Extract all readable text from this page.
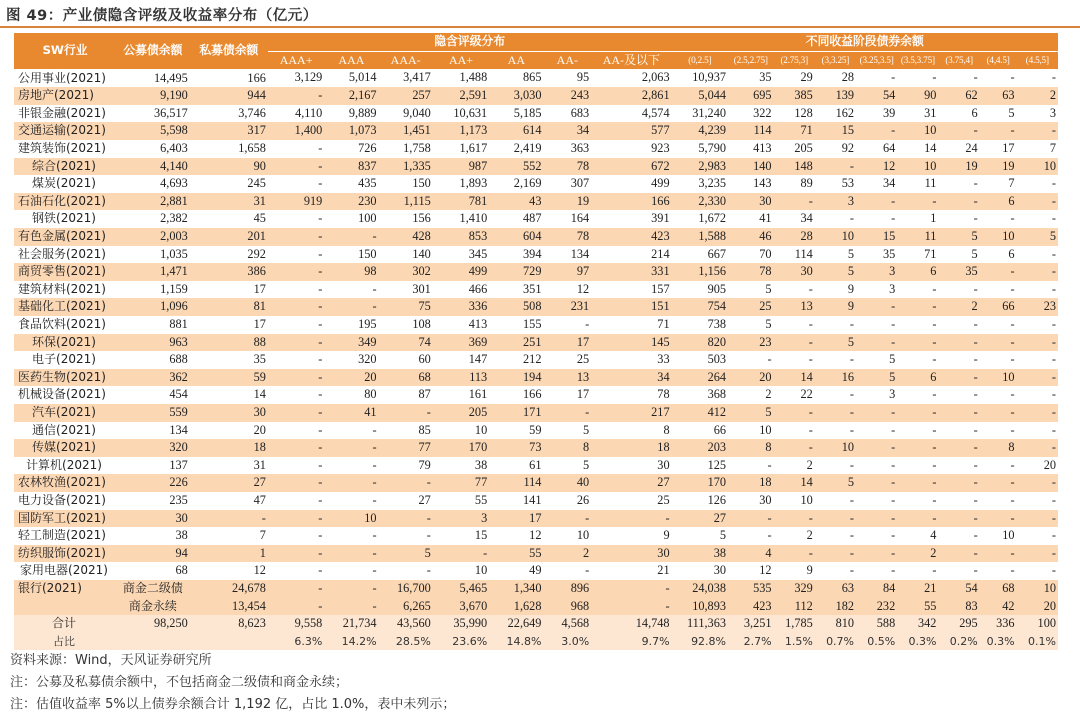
图 49：产业债隐含评级及收益率分布（亿元）
SW行业	公募债余额	私募债余额	隐含评级分布							不同收益阶段债券余额								
			AAA+	AAA	AAA-	AA+	AA	AA-	AA-及以下	(0,2.5]	(2.5,2.75]	(2.75,3]	(3,3.25]	(3.25,3.5]	(3.5,3.75]	(3.75,4]	(4,4.5]	(4.5,5]
公用事业(2021)	14,495	166	3,129	5,014	3,417	1,488	865	95	2,063	10,937	35	29	28	-	-	-	-	-
房地产(2021)	9,190	944	-	2,167	257	2,591	3,030	243	2,861	5,044	695	385	139	54	90	62	63	2
非银金融(2021)	36,517	3,746	4,110	9,889	9,040	10,631	5,185	683	4,574	31,240	322	128	162	39	31	6	5	3
交通运输(2021)	5,598	317	1,400	1,073	1,451	1,173	614	34	577	4,239	114	71	15	-	10	-	-	-
建筑装饰(2021)	6,403	1,658	-	726	1,758	1,617	2,419	363	923	5,790	413	205	92	64	14	24	17	7
综合(2021)	4,140	90	-	837	1,335	987	552	78	672	2,983	140	148	-	12	10	19	19	10
煤炭(2021)	4,693	245	-	435	150	1,893	2,169	307	499	3,235	143	89	53	34	11	-	7	-
石油石化(2021)	2,881	31	919	230	1,115	781	43	19	166	2,330	30	-	3	-	-	-	6	-
钢铁(2021)	2,382	45	-	100	156	1,410	487	164	391	1,672	41	34	-	-	1	-	-	-
有色金属(2021)	2,003	201	-	-	428	853	604	78	423	1,588	46	28	10	15	11	5	10	5
社会服务(2021)	1,035	292	-	150	140	345	394	134	214	667	70	114	5	35	71	5	6	-
商贸零售(2021)	1,471	386	-	98	302	499	729	97	331	1,156	78	30	5	3	6	35	-	-
建筑材料(2021)	1,159	17	-	-	301	466	351	12	157	905	5	-	9	3	-	-	-	-
基础化工(2021)	1,096	81	-	-	75	336	508	231	151	754	25	13	9	-	-	2	66	23
食品饮料(2021)	881	17	-	195	108	413	155	-	71	738	5	-	-	-	-	-	-	-
环保(2021)	963	88	-	349	74	369	251	17	145	820	23	-	5	-	-	-	-	-
电子(2021)	688	35	-	320	60	147	212	25	33	503	-	-	-	5	-	-	-	-
医药生物(2021)	362	59	-	20	68	113	194	13	34	264	20	14	16	5	6	-	10	-
机械设备(2021)	454	14	-	80	87	161	166	17	78	368	2	22	-	3	-	-	-	-
汽车(2021)	559	30	-	41	-	205	171	-	217	412	5	-	-	-	-	-	-	-
通信(2021)	134	20	-	-	85	10	59	5	8	66	10	-	-	-	-	-	-	-
传媒(2021)	320	18	-	-	77	170	73	8	18	203	8	-	10	-	-	-	8	-
计算机(2021)	137	31	-	-	79	38	61	5	30	125	-	2	-	-	-	-	-	20
农林牧渔(2021)	226	27	-	-	-	77	114	40	27	170	18	14	5	-	-	-	-	-
电力设备(2021)	235	47	-	-	27	55	141	26	25	126	30	10	-	-	-	-	-	-
国防军工(2021)	30	-	-	10	-	3	17	-	-	27	-	-	-	-	-	-	-	-
轻工制造(2021)	38	7	-	-	-	15	12	10	9	5	-	2	-	-	4	-	10	-
纺织服饰(2021)	94	1	-	-	5	-	55	2	30	38	4	-	-	-	2	-	-	-
家用电器(2021)	68	12	-	-	-	10	49	-	21	30	12	9	-	-	-	-	-	-
银行(2021)	商金二级债	24,678	-	-	16,700	5,465	1,340	896	-	24,038	535	329	63	84	21	54	68	10
	商金永续	13,454	-	-	6,265	3,670	1,628	968	-	10,893	423	112	182	232	55	83	42	20
合计	98,250	8,623	9,558	21,734	43,560	35,990	22,649	4,568	14,748	111,363	3,251	1,785	810	588	342	295	336	100
占比			6.3%	14.2%	28.5%	23.6%	14.8%	3.0%	9.7%	92.8%	2.7%	1.5%	0.7%	0.5%	0.3%	0.2%	0.3%	0.1%
资料来源：Wind，天风证券研究所
注：公募及私募债余额中，不包括商金二级债和商金永续；
注：估值收益率 5%以上债券余额合计 1,192 亿，占比 1.0%，表中未列示；
